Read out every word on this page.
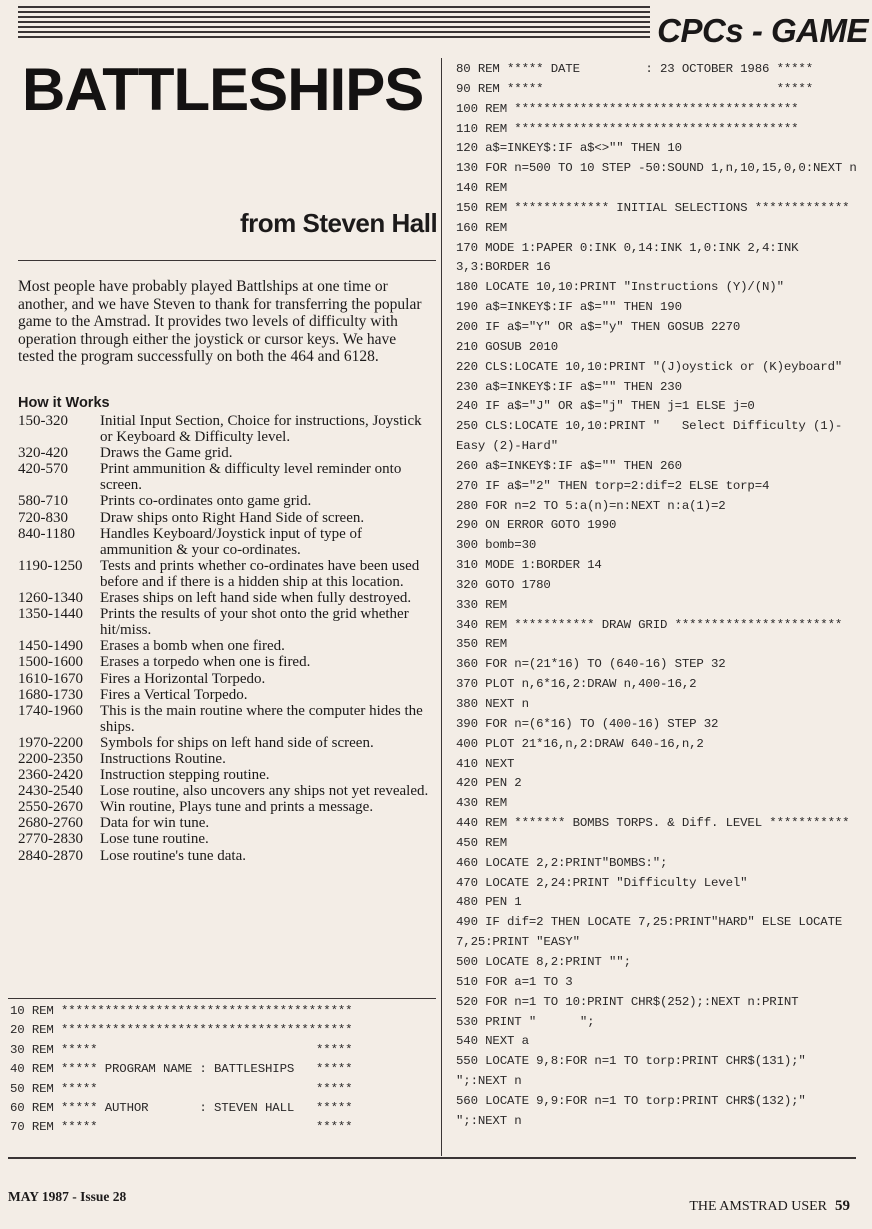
CPCs - GAME
BATTLESHIPS
from Steven Hall
Most people have probably played Battlships at one time or another, and we have Steven to thank for transferring the popular game to the Amstrad. It provides two levels of difficulty with operation through either the joystick or cursor keys. We have tested the program successfully on both the 464 and 6128.
How it Works
150-320	Initial Input Section, Choice for instructions, Joystick or Keyboard & Difficulty level.
320-420	Draws the Game grid.
420-570	Print ammunition & difficulty level reminder onto screen.
580-710	Prints co-ordinates onto game grid.
720-830	Draw ships onto Right Hand Side of screen.
840-1180	Handles Keyboard/Joystick input of type of ammunition & your co-ordinates.
1190-1250	Tests and prints whether co-ordinates have been used before and if there is a hidden ship at this location.
1260-1340	Erases ships on left hand side when fully destroyed.
1350-1440	Prints the results of your shot onto the grid whether hit/miss.
1450-1490	Erases a bomb when one fired.
1500-1600	Erases a torpedo when one is fired.
1610-1670	Fires a Horizontal Torpedo.
1680-1730	Fires a Vertical Torpedo.
1740-1960	This is the main routine where the computer hides the ships.
1970-2200	Symbols for ships on left hand side of screen.
2200-2350	Instructions Routine.
2360-2420	Instruction stepping routine.
2430-2540	Lose routine, also uncovers any ships not yet revealed.
2550-2670	Win routine, Plays tune and prints a message.
2680-2760	Data for win tune.
2770-2830	Lose tune routine.
2840-2870	Lose routine's tune data.
10 REM ****************************************
20 REM ****************************************
30 REM *****                              *****
40 REM ***** PROGRAM NAME : BATTLESHIPS   *****
50 REM *****                              *****
60 REM ***** AUTHOR       : STEVEN HALL   *****
70 REM *****                              *****
80 REM ***** DATE         : 23 OCTOBER 1986 *****
90 REM *****                                *****
100 REM ***************************************
110 REM ***************************************
120 a$=INKEY$:IF a$<>"" THEN 10
130 FOR n=500 TO 10 STEP -50:SOUND 1,n,10,15,0,0:NEXT n
140 REM
150 REM ************* INITIAL SELECTIONS *************
160 REM
170 MODE 1:PAPER 0:INK 0,14:INK 1,0:INK 2,4:INK 3,3:BORDER 16
180 LOCATE 10,10:PRINT "Instructions (Y)/(N)"
190 a$=INKEY$:IF a$="" THEN 190
200 IF a$="Y" OR a$="y" THEN GOSUB 2270
210 GOSUB 2010
220 CLS:LOCATE 10,10:PRINT "(J)oystick or (K)eyboard"
230 a$=INKEY$:IF a$="" THEN 230
240 IF a$="J" OR a$="j" THEN j=1 ELSE j=0
250 CLS:LOCATE 10,10:PRINT "   Select Difficulty (1)-Easy (2)-Hard"
260 a$=INKEY$:IF a$="" THEN 260
270 IF a$="2" THEN torp=2:dif=2 ELSE torp=4
280 FOR n=2 TO 5:a(n)=n:NEXT n:a(1)=2
290 ON ERROR GOTO 1990
300 bomb=30
310 MODE 1:BORDER 14
320 GOTO 1780
330 REM
340 REM *********** DRAW GRID ***********************
350 REM
360 FOR n=(21*16) TO (640-16) STEP 32
370 PLOT n,6*16,2:DRAW n,400-16,2
380 NEXT n
390 FOR n=(6*16) TO (400-16) STEP 32
400 PLOT 21*16,n,2:DRAW 640-16,n,2
410 NEXT
420 PEN 2
430 REM
440 REM ******* BOMBS TORPS. & Diff. LEVEL ***********
450 REM
460 LOCATE 2,2:PRINT"BOMBS:";
470 LOCATE 2,24:PRINT "Difficulty Level"
480 PEN 1
490 IF dif=2 THEN LOCATE 7,25:PRINT"HARD" ELSE LOCATE 7,25:PRINT "EASY"
500 LOCATE 8,2:PRINT "";
510 FOR a=1 TO 3
520 FOR n=1 TO 10:PRINT CHR$(252);:NEXT n:PRINT
530 PRINT "      ";
540 NEXT a
550 LOCATE 9,8:FOR n=1 TO torp:PRINT CHR$(131);" ";:NEXT n
560 LOCATE 9,9:FOR n=1 TO torp:PRINT CHR$(132);" ";:NEXT n
MAY 1987 - Issue 28
THE AMSTRAD USER 59
